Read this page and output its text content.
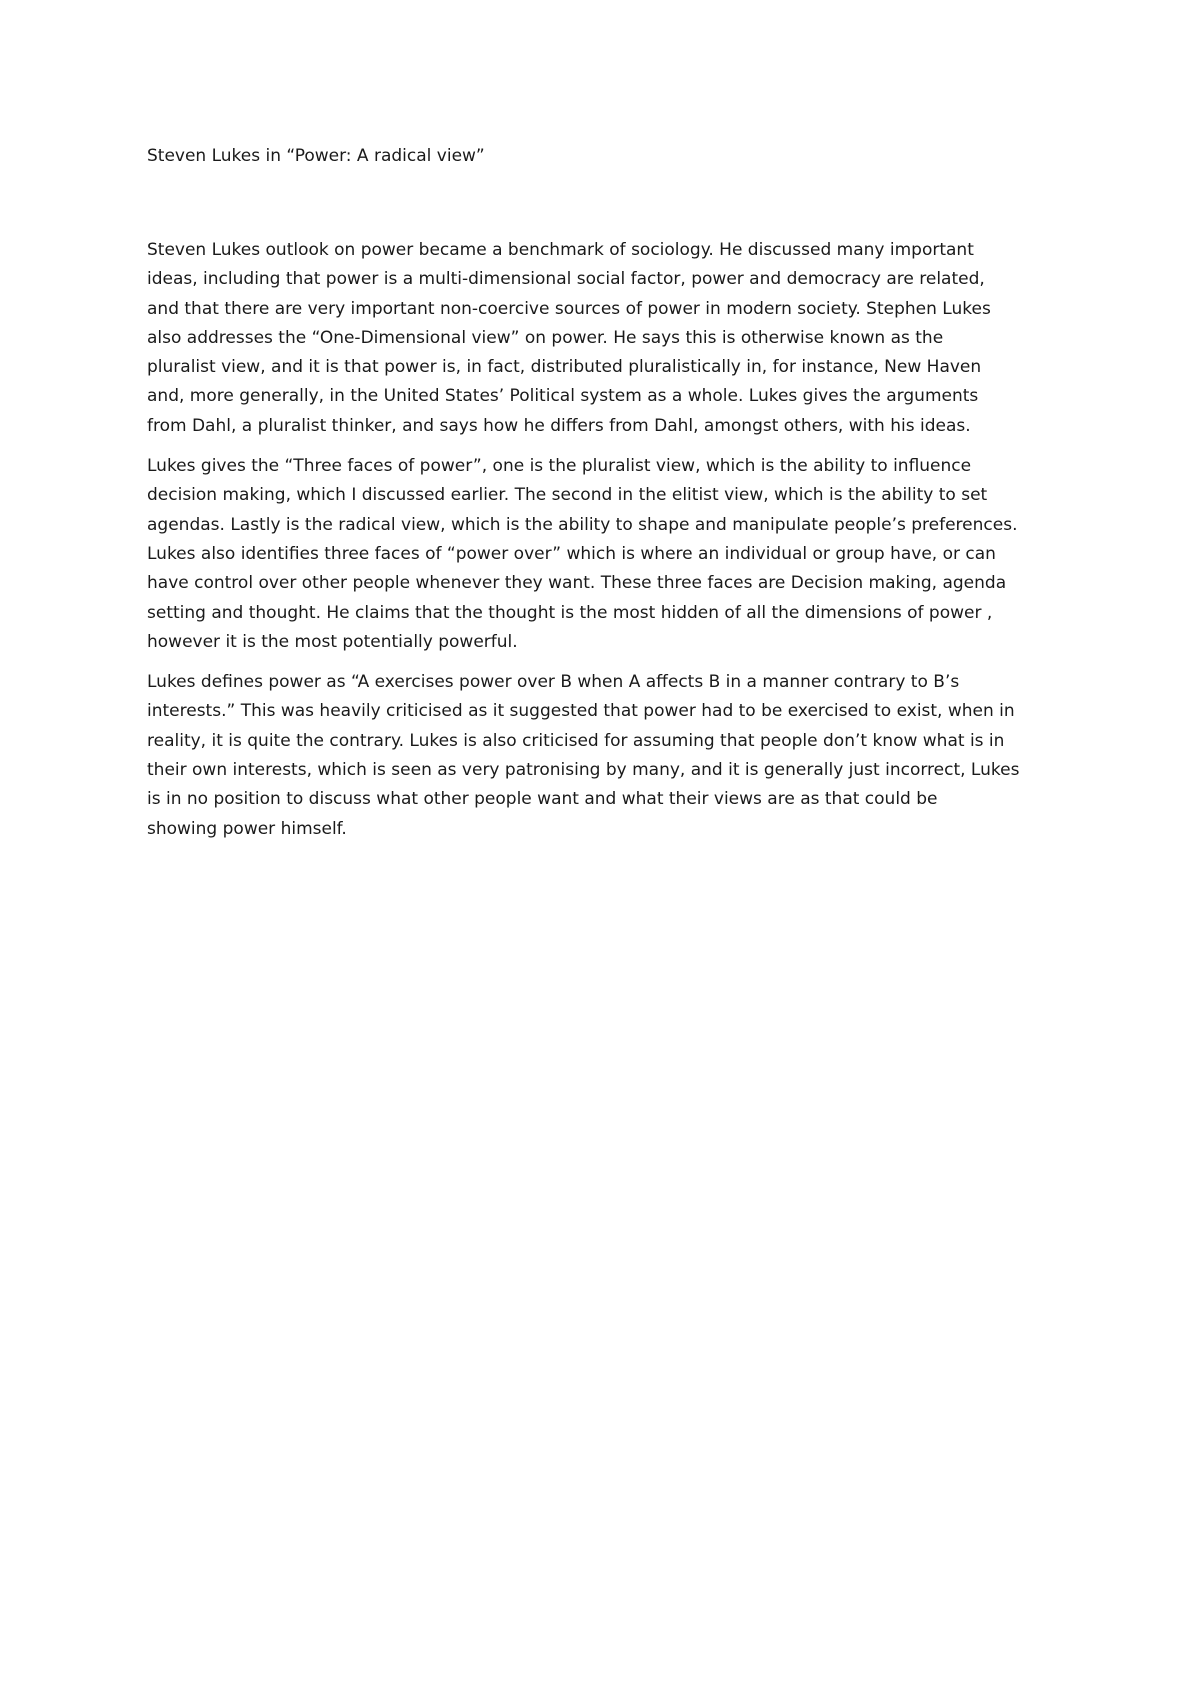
Steven Lukes in “Power: A radical view”
Steven Lukes outlook on power became a benchmark of sociology. He discussed many important
ideas, including that power is a multi-dimensional social factor, power and democracy are related,
and that there are very important non-coercive sources of power in modern society. Stephen Lukes
also addresses the “One-Dimensional view” on power. He says this is otherwise known as the
pluralist view, and it is that power is, in fact, distributed pluralistically in, for instance, New Haven
and, more generally, in the United States’ Political system as a whole. Lukes gives the arguments
from Dahl, a pluralist thinker, and says how he differs from Dahl, amongst others, with his ideas.
Lukes gives the “Three faces of power”, one is the pluralist view, which is the ability to influence
decision making, which I discussed earlier. The second in the elitist view, which is the ability to set
agendas. Lastly is the radical view, which is the ability to shape and manipulate people’s preferences.
Lukes also identifies three faces of “power over” which is where an individual or group have, or can
have control over other people whenever they want. These three faces are Decision making, agenda
setting and thought. He claims that the thought is the most hidden of all the dimensions of power ,
however it is the most potentially powerful.
Lukes defines power as “A exercises power over B when A affects B in a manner contrary to B’s
interests.” This was heavily criticised as it suggested that power had to be exercised to exist, when in
reality, it is quite the contrary. Lukes is also criticised for assuming that people don’t know what is in
their own interests, which is seen as very patronising by many, and it is generally just incorrect, Lukes
is in no position to discuss what other people want and what their views are as that could be
showing power himself.
